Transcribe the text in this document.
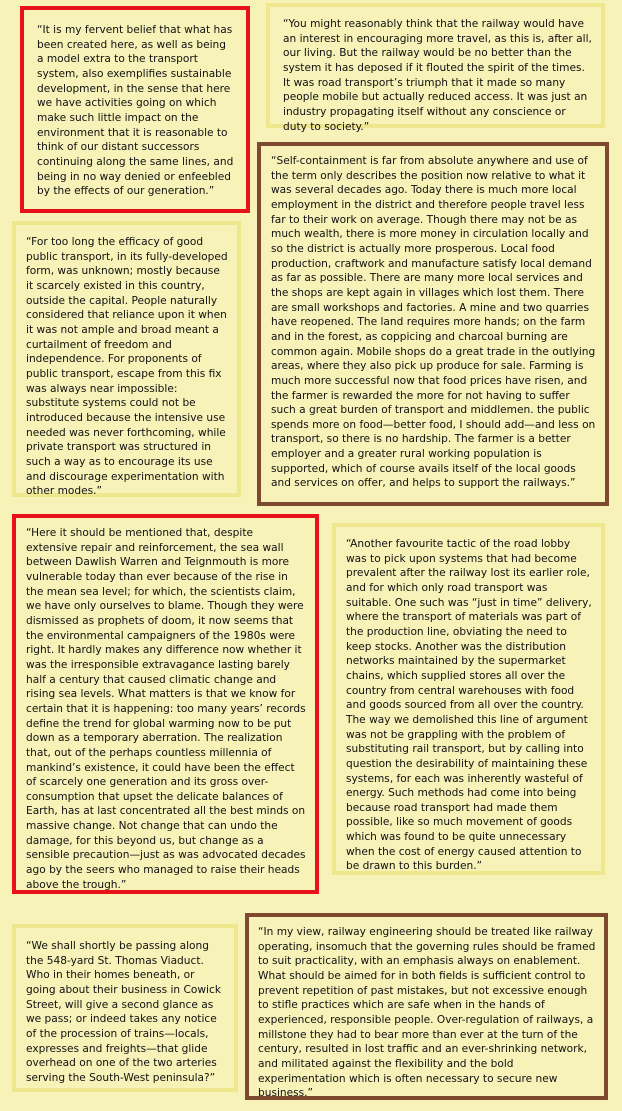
“It is my fervent belief that what has been created here, as well as being a model extra to the transport system, also exemplifies sustainable development, in the sense that here we have activities going on which make such little impact on the environment that it is reasonable to think of our distant successors continuing along the same lines, and being in no way denied or enfeebled by the effects of our generation.”
“You might reasonably think that the railway would have an interest in encouraging more travel, as this is, after all, our living. But the railway would be no better than the system it has deposed if it flouted the spirit of the times. It was road transport’s triumph that it made so many people mobile but actually reduced access. It was just an industry propagating itself without any conscience or duty to society.”
“Self-containment is far from absolute anywhere and use of the term only describes the position now relative to what it was several decades ago. Today there is much more local employment in the district and therefore people travel less far to their work on average. Though there may not be as much wealth, there is more money in circulation locally and so the district is actually more prosperous. Local food production, craftwork and manufacture satisfy local demand as far as possible. There are many more local services and the shops are kept again in villages which lost them. There are small workshops and factories. A mine and two quarries have reopened. The land requires more hands; on the farm and in the forest, as coppicing and charcoal burning are common again. Mobile shops do a great trade in the outlying areas, where they also pick up produce for sale. Farming is much more successful now that food prices have risen, and the farmer is rewarded the more for not having to suffer such a great burden of transport and middlemen. the public spends more on food—better food, I should add—and less on transport, so there is no hardship. The farmer is a better employer and a greater rural working population is supported, which of course avails itself of the local goods and services on offer, and helps to support the railways.”
“For too long the efficacy of good public transport, in its fully-developed form, was unknown; mostly because it scarcely existed in this country, outside the capital. People naturally considered that reliance upon it when it was not ample and broad meant a curtailment of freedom and independence. For proponents of public transport, escape from this fix was always near impossible: substitute systems could not be introduced because the intensive use needed was never forthcoming, while private transport was structured in such a way as to encourage its use and discourage experimentation with other modes.”
“Here it should be mentioned that, despite extensive repair and reinforcement, the sea wall between Dawlish Warren and Teignmouth is more vulnerable today than ever because of the rise in the mean sea level; for which, the scientists claim, we have only ourselves to blame. Though they were dismissed as prophets of doom, it now seems that the environmental campaigners of the 1980s were right. It hardly makes any difference now whether it was the irresponsible extravagance lasting barely half a century that caused climatic change and rising sea levels. What matters is that we know for certain that it is happening: too many years’ records define the trend for global warming now to be put down as a temporary aberration. The realization that, out of the perhaps countless millennia of mankind’s existence, it could have been the effect of scarcely one generation and its gross over-consumption that upset the delicate balances of Earth, has at last concentrated all the best minds on massive change. Not change that can undo the damage, for this beyond us, but change as a sensible precaution—just as was advocated decades ago by the seers who managed to raise their heads above the trough.”
“Another favourite tactic of the road lobby was to pick upon systems that had become prevalent after the railway lost its earlier role, and for which only road transport was suitable. One such was “just in time” delivery, where the transport of materials was part of the production line, obviating the need to keep stocks. Another was the distribution networks maintained by the supermarket chains, which supplied stores all over the country from central warehouses with food and goods sourced from all over the country. The way we demolished this line of argument was not be grappling with the problem of substituting rail transport, but by calling into question the desirability of maintaining these systems, for each was inherently wasteful of energy. Such methods had come into being because road transport had made them possible, like so much movement of goods which was found to be quite unnecessary when the cost of energy caused attention to be drawn to this burden.”
“We shall shortly be passing along the 548-yard St. Thomas Viaduct. Who in their homes beneath, or going about their business in Cowick Street, will give a second glance as we pass; or indeed takes any notice of the procession of trains—locals, expresses and freights—that glide overhead on one of the two arteries serving the South-West peninsula?”
“In my view, railway engineering should be treated like railway operating, insomuch that the governing rules should be framed to suit practicality, with an emphasis always on enablement. What should be aimed for in both fields is sufficient control to prevent repetition of past mistakes, but not excessive enough to stifle practices which are safe when in the hands of experienced, responsible people. Over-regulation of railways, a millstone they had to bear more than ever at the turn of the century, resulted in lost traffic and an ever-shrinking network, and militated against the flexibility and the bold experimentation which is often necessary to secure new business.”
